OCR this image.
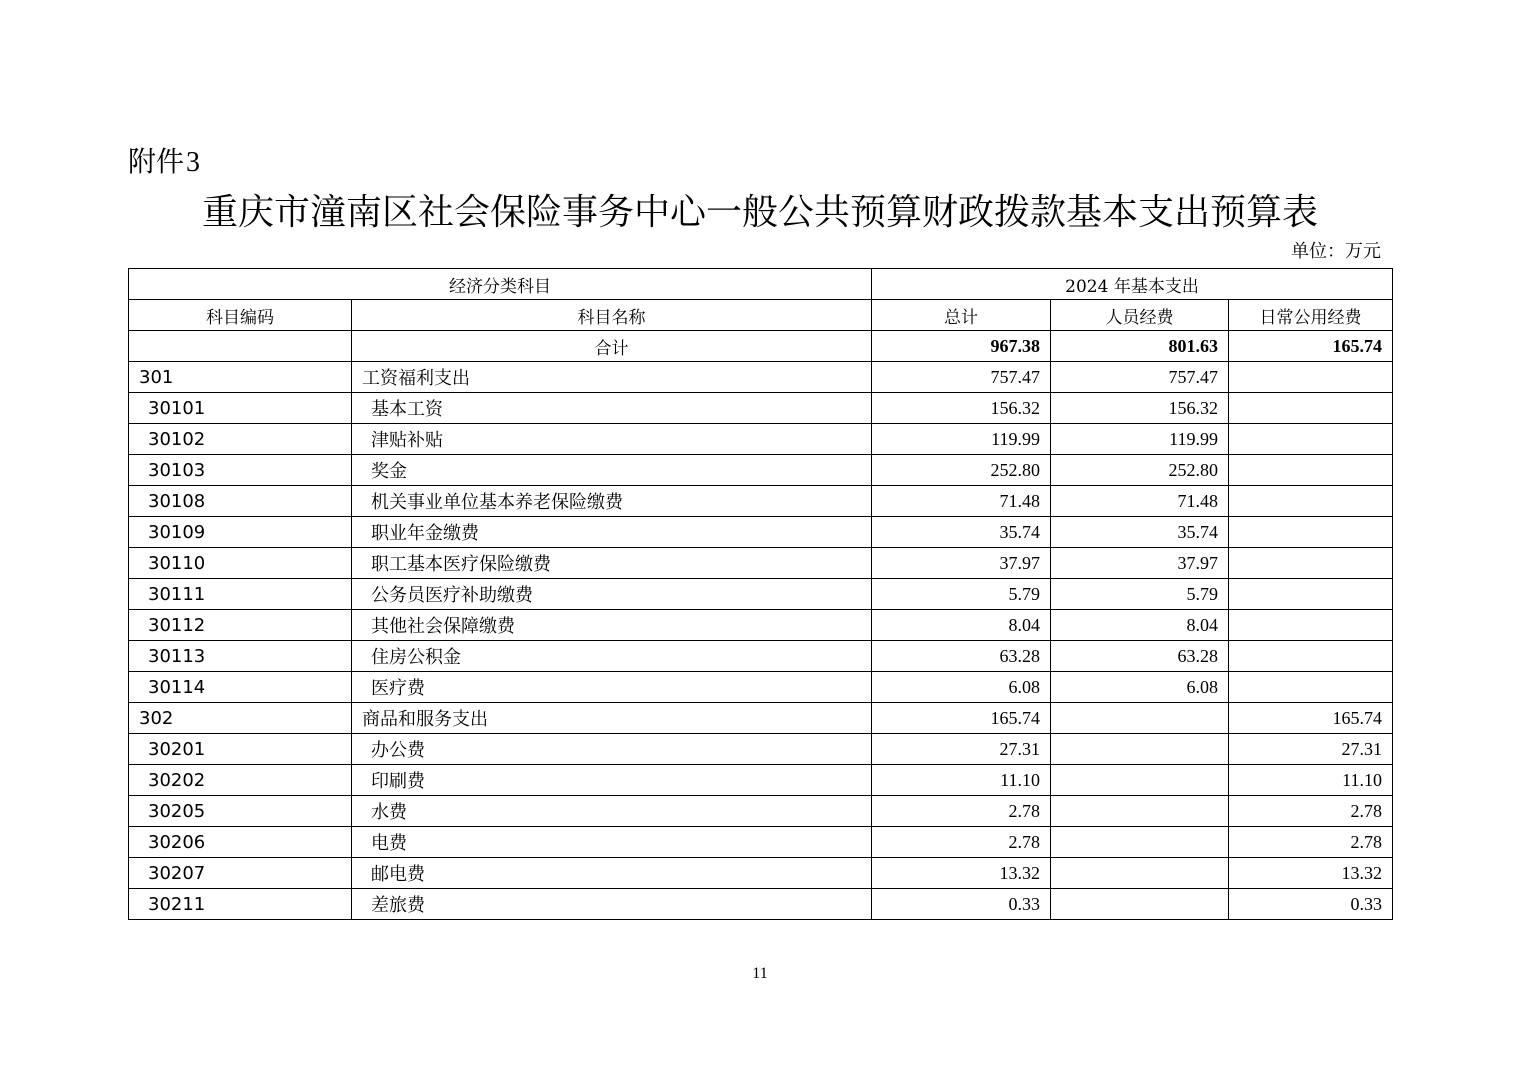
附件3
重庆市潼南区社会保险事务中心一般公共预算财政拨款基本支出预算表
单位：万元
经济分类科目		2024 年基本支出		
科目编码	科目名称	总计	人员经费	日常公用经费
	合计	967.38	801.63	165.74
301	工资福利支出	757.47	757.47	
30101	基本工资	156.32	156.32	
30102	津贴补贴	119.99	119.99	
30103	奖金	252.80	252.80	
30108	机关事业单位基本养老保险缴费	71.48	71.48	
30109	职业年金缴费	35.74	35.74	
30110	职工基本医疗保险缴费	37.97	37.97	
30111	公务员医疗补助缴费	5.79	5.79	
30112	其他社会保障缴费	8.04	8.04	
30113	住房公积金	63.28	63.28	
30114	医疗费	6.08	6.08	
302	商品和服务支出	165.74		165.74
30201	办公费	27.31		27.31
30202	印刷费	11.10		11.10
30205	水费	2.78		2.78
30206	电费	2.78		2.78
30207	邮电费	13.32		13.32
30211	差旅费	0.33		0.33
11
